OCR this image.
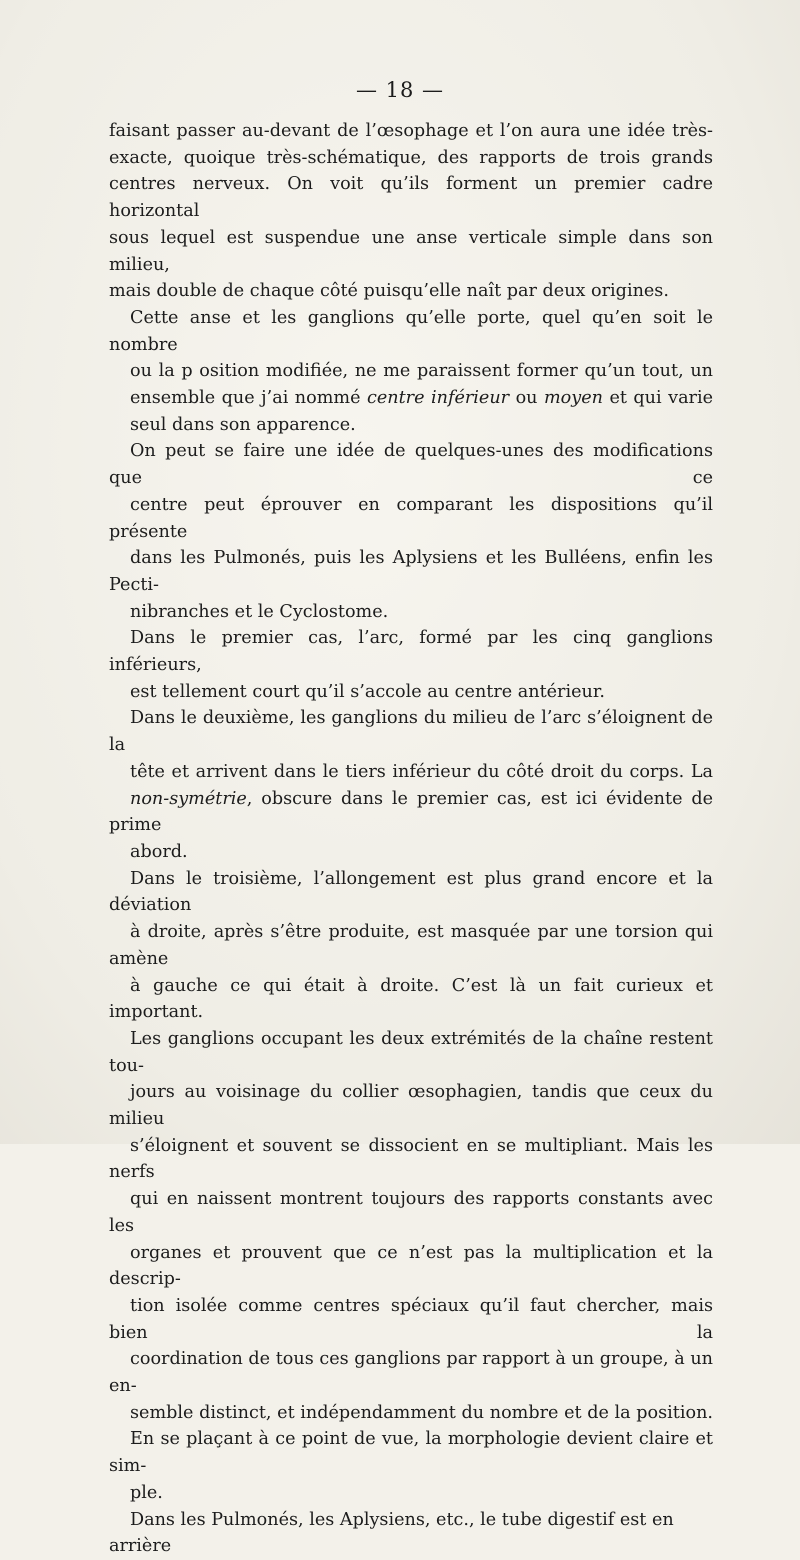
— 18 —

faisant passer au-devant de l’œsophage et l’on aura une idée très-
exacte, quoique très-schématique, des rapports de trois grands
centres nerveux. On voit qu’ils forment un premier cadre horizontal
sous lequel est suspendue une anse verticale simple dans son milieu,
mais double de chaque côté puisqu’elle naît par deux origines.

Cette anse et les ganglions qu’elle porte, quel qu’en soit le nombre
ou la p osition modifiée, ne me paraissent former qu’un tout, un
ensemble que j’ai nommé centre inférieur ou moyen et qui varie
seul dans son apparence.

On peut se faire une idée de quelques-unes des modifications que ce
centre peut éprouver en comparant les dispositions qu’il présente
dans les Pulmonés, puis les Aplysiens et les Bulléens, enfin les Pecti-
nibranches et le Cyclostome.

Dans le premier cas, l’arc, formé par les cinq ganglions inférieurs,
est tellement court qu’il s’accole au centre antérieur.

Dans le deuxième, les ganglions du milieu de l’arc s’éloignent de la
tête et arrivent dans le tiers inférieur du côté droit du corps. La
non-symétrie, obscure dans le premier cas, est ici évidente de prime
abord.

Dans le troisième, l’allongement est plus grand encore et la déviation
à droite, après s’être produite, est masquée par une torsion qui amène
à gauche ce qui était à droite. C’est là un fait curieux et important.
Les ganglions occupant les deux extrémités de la chaîne restent tou-
jours au voisinage du collier œsophagien, tandis que ceux du milieu
s’éloignent et souvent se dissocient en se multipliant. Mais les nerfs
qui en naissent montrent toujours des rapports constants avec les
organes et prouvent que ce n’est pas la multiplication et la descrip-
tion isolée comme centres spéciaux qu’il faut chercher, mais bien la
coordination de tous ces ganglions par rapport à un groupe, à un en-
semble distinct, et indépendamment du nombre et de la position.
En se plaçant à ce point de vue, la morphologie devient claire et sim-
ple.

Dans les Pulmonés, les Aplysiens, etc., le tube digestif est en arrière
